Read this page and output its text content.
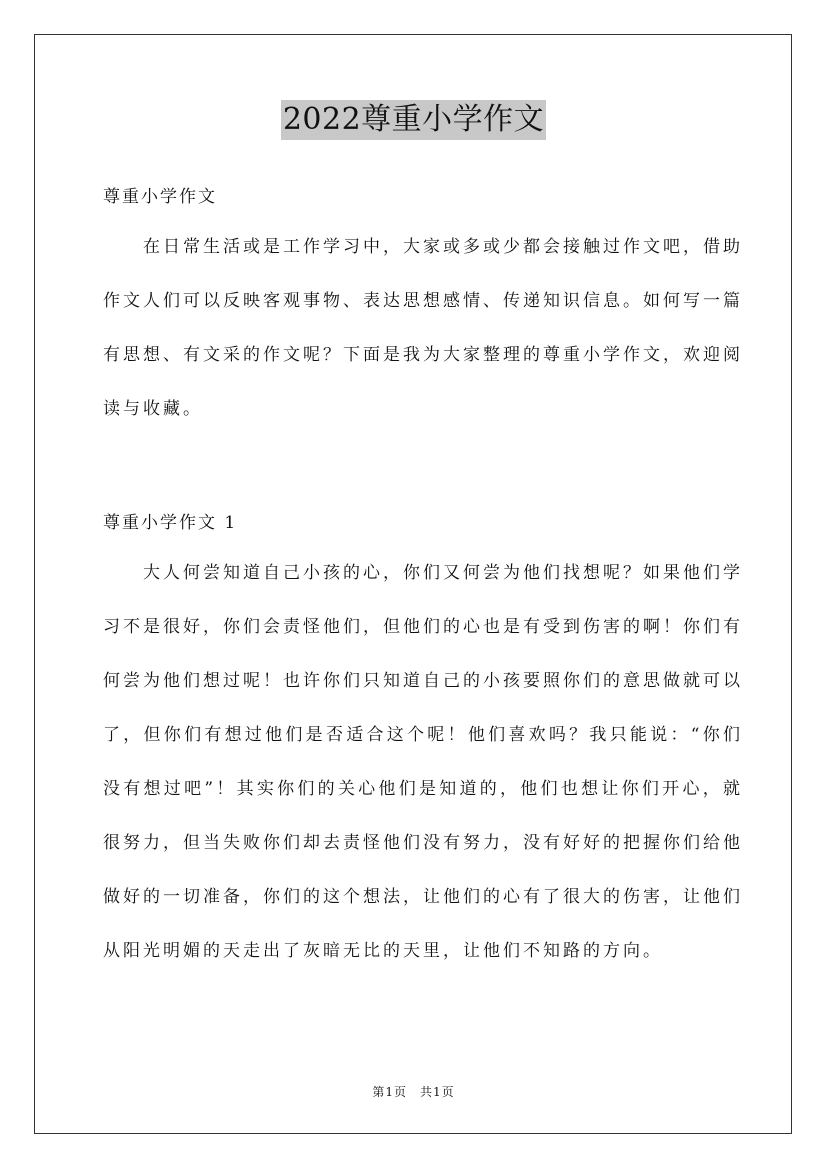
2022尊重小学作文
尊重小学作文

在日常生活或是工作学习中，大家或多或少都会接触过作文吧，借助作文人们可以反映客观事物、表达思想感情、传递知识信息。如何写一篇有思想、有文采的作文呢？下面是我为大家整理的尊重小学作文，欢迎阅读与收藏。

尊重小学作文 1

大人何尝知道自己小孩的心，你们又何尝为他们找想呢？如果他们学习不是很好，你们会责怪他们，但他们的心也是有受到伤害的啊！你们有何尝为他们想过呢！也许你们只知道自己的小孩要照你们的意思做就可以了，但你们有想过他们是否适合这个呢！他们喜欢吗？我只能说：“你们没有想过吧”！其实你们的关心他们是知道的，他们也想让你们开心，就很努力，但当失败你们却去责怪他们没有努力，没有好好的把握你们给他做好的一切准备，你们的这个想法，让他们的心有了很大的伤害，让他们从阳光明媚的天走出了灰暗无比的天里，让他们不知路的方向。

第1页　共1页
